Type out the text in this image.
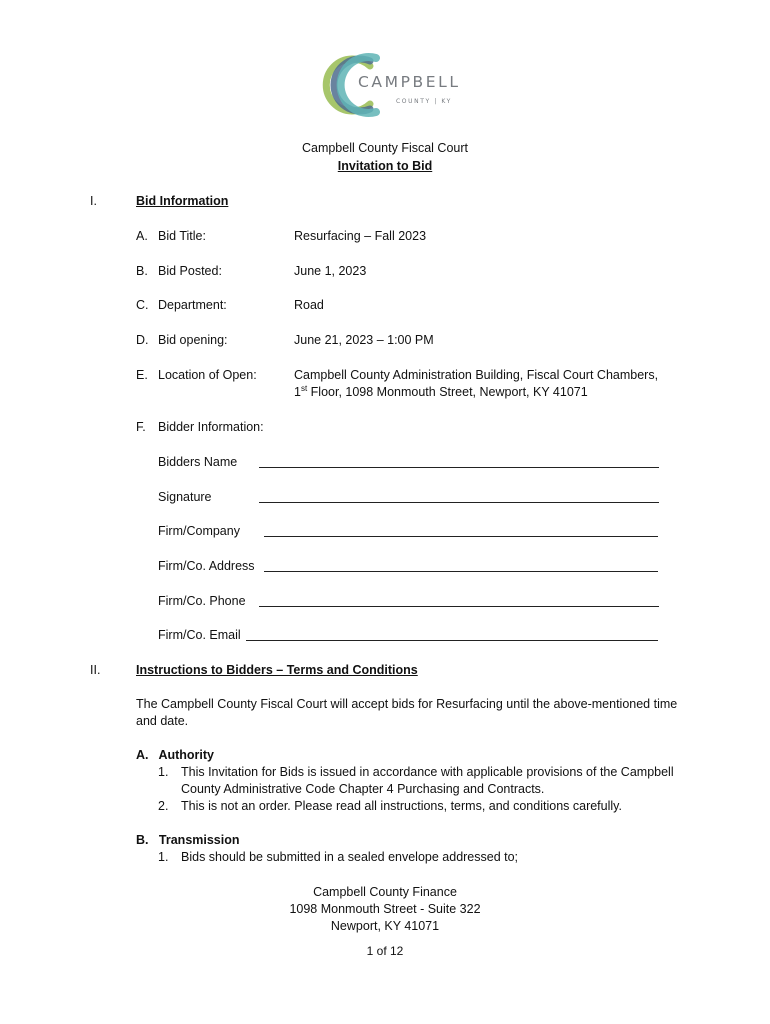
CAMPBELL
COUNTY | KY
Campbell County Fiscal Court
Invitation to Bid
I.	Bid Information
A. Bid Title:	Resurfacing – Fall 2023
B. Bid Posted:	June 1, 2023
C. Department:	Road
D. Bid opening:	June 21, 2023 – 1:00 PM
E. Location of Open:	Campbell County Administration Building, Fiscal Court Chambers,
1st Floor, 1098 Monmouth Street, Newport, KY 41071
F. Bidder Information:
Bidders Name
Signature
Firm/Company
Firm/Co. Address
Firm/Co. Phone
Firm/Co. Email
II.	Instructions to Bidders – Terms and Conditions
The Campbell County Fiscal Court will accept bids for Resurfacing until the above-mentioned time
and date.
A.   Authority
1. This Invitation for Bids is issued in accordance with applicable provisions of the Campbell
County Administrative Code Chapter 4 Purchasing and Contracts.
2. This is not an order. Please read all instructions, terms, and conditions carefully.
B.   Transmission
1. Bids should be submitted in a sealed envelope addressed to;
Campbell County Finance
1098 Monmouth Street - Suite 322
Newport, KY 41071
1 of 12
